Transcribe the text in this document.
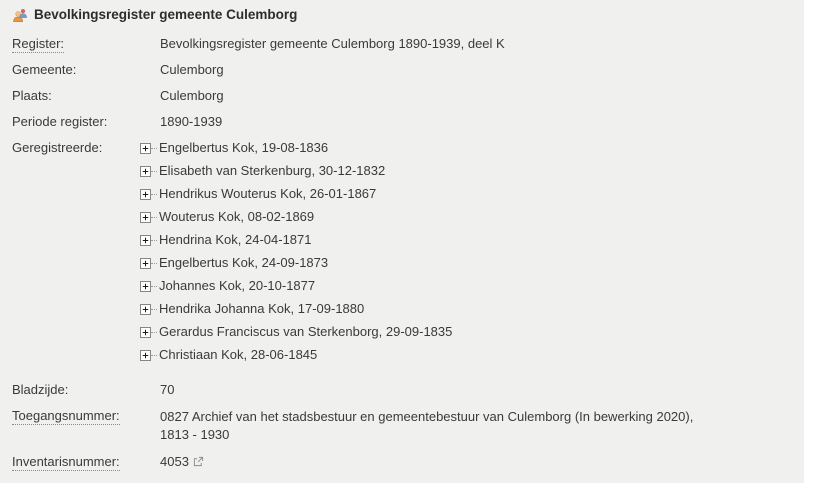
Bevolkingsregister gemeente Culemborg
Register:	Bevolkingsregister gemeente Culemborg 1890-1939, deel K
Gemeente:	Culemborg
Plaats:	Culemborg
Periode register:	1890-1939
Geregistreerde:	Engelbertus Kok, 19-08-1836
Elisabeth van Sterkenburg, 30-12-1832
Hendrikus Wouterus Kok, 26-01-1867
Wouterus Kok, 08-02-1869
Hendrina Kok, 24-04-1871
Engelbertus Kok, 24-09-1873
Johannes Kok, 20-10-1877
Hendrika Johanna Kok, 17-09-1880
Gerardus Franciscus van Sterkenborg, 29-09-1835
Christiaan Kok, 28-06-1845
Bladzijde:	70
Toegangsnummer:	0827 Archief van het stadsbestuur en gemeentebestuur van Culemborg (In bewerking 2020),
1813 - 1930
Inventarisnummer:	4053
